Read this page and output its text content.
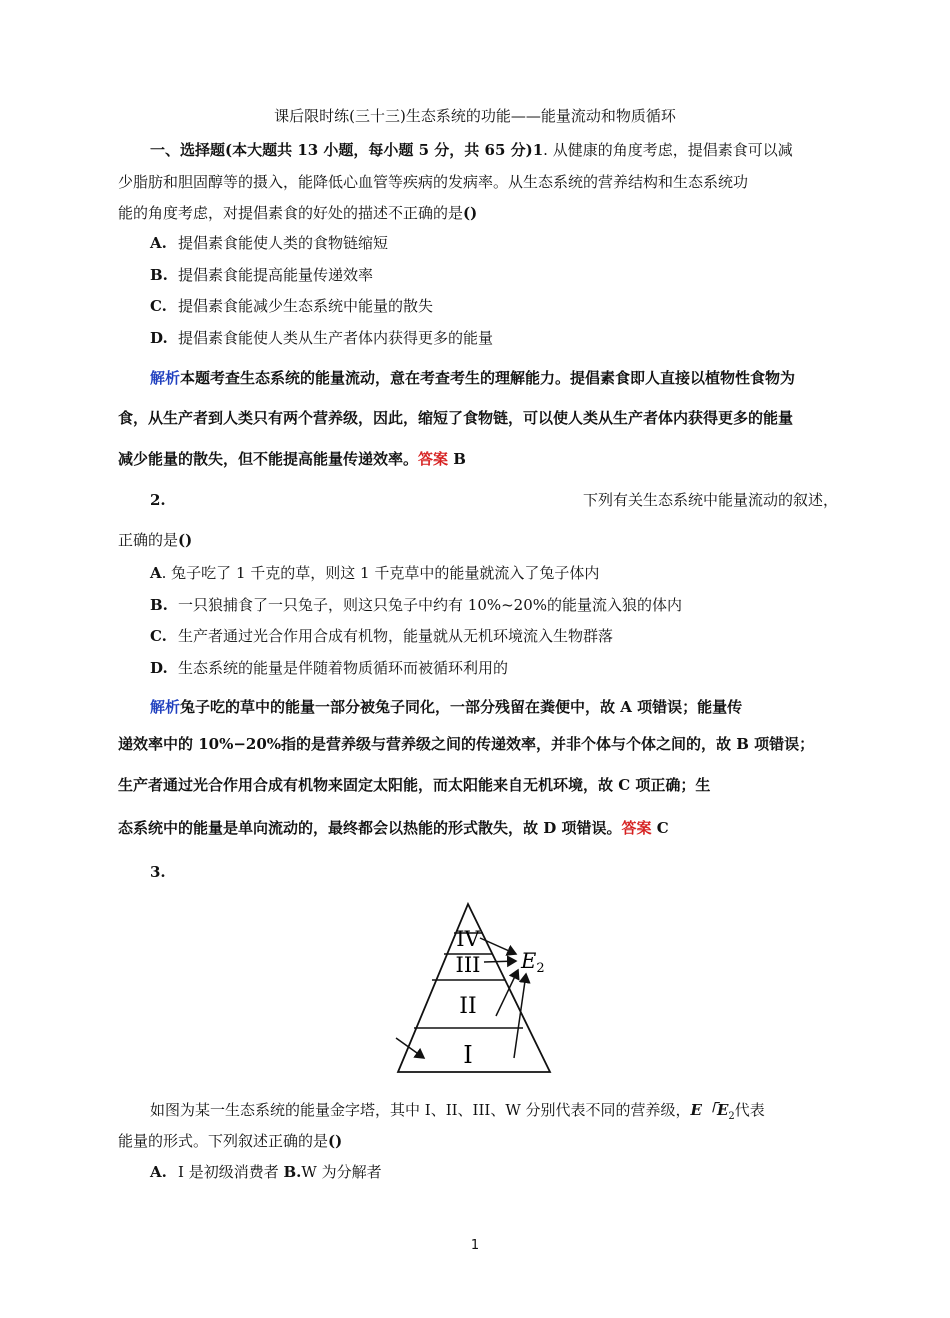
课后限时练(三十三)生态系统的功能——能量流动和物质循环
一、选择题(本大题共 13 小题，每小题 5 分，共 65 分)1. 从健康的角度考虑，提倡素食可以减
少脂肪和胆固醇等的摄入，能降低心血管等疾病的发病率。从生态系统的营养结构和生态系统功
能的角度考虑，对提倡素食的好处的描述不正确的是()
A. 提倡素食能使人类的食物链缩短
B. 提倡素食能提高能量传递效率
C. 提倡素食能减少生态系统中能量的散失
D. 提倡素食能使人类从生产者体内获得更多的能量
解析本题考查生态系统的能量流动，意在考查考生的理解能力。提倡素食即人直接以植物性食物为
食，从生产者到人类只有两个营养级，因此，缩短了食物链，可以使人类从生产者体内获得更多的能量
减少能量的散失，但不能提高能量传递效率。答案 B
2.	下列有关生态系统中能量流动的叙述，
正确的是()
A. 兔子吃了 1 千克的草，则这 1 千克草中的能量就流入了兔子体内
B. 一只狼捕食了一只兔子，则这只兔子中约有 10%~20%的能量流入狼的体内
C. 生产者通过光合作用合成有机物，能量就从无机环境流入生物群落
D. 生态系统的能量是伴随着物质循环而被循环利用的
解析兔子吃的草中的能量一部分被兔子同化，一部分残留在粪便中，故 A 项错误；能量传
递效率中的 10%−20%指的是营养级与营养级之间的传递效率，并非个体与个体之间的，故 B 项错误；
生产者通过光合作用合成有机物来固定太阳能，而太阳能来自无机环境，故 C 项正确；生
态系统中的能量是单向流动的，最终都会以热能的形式散失，故 D 项错误。答案 C
3.
IV
III
II
I
E2
如图为某一生态系统的能量金字塔，其中 I、II、III、W 分别代表不同的营养级，E「$E_2$代表
能量的形式。下列叙述正确的是()
A. I 是初级消费者 B.W 为分解者
1
